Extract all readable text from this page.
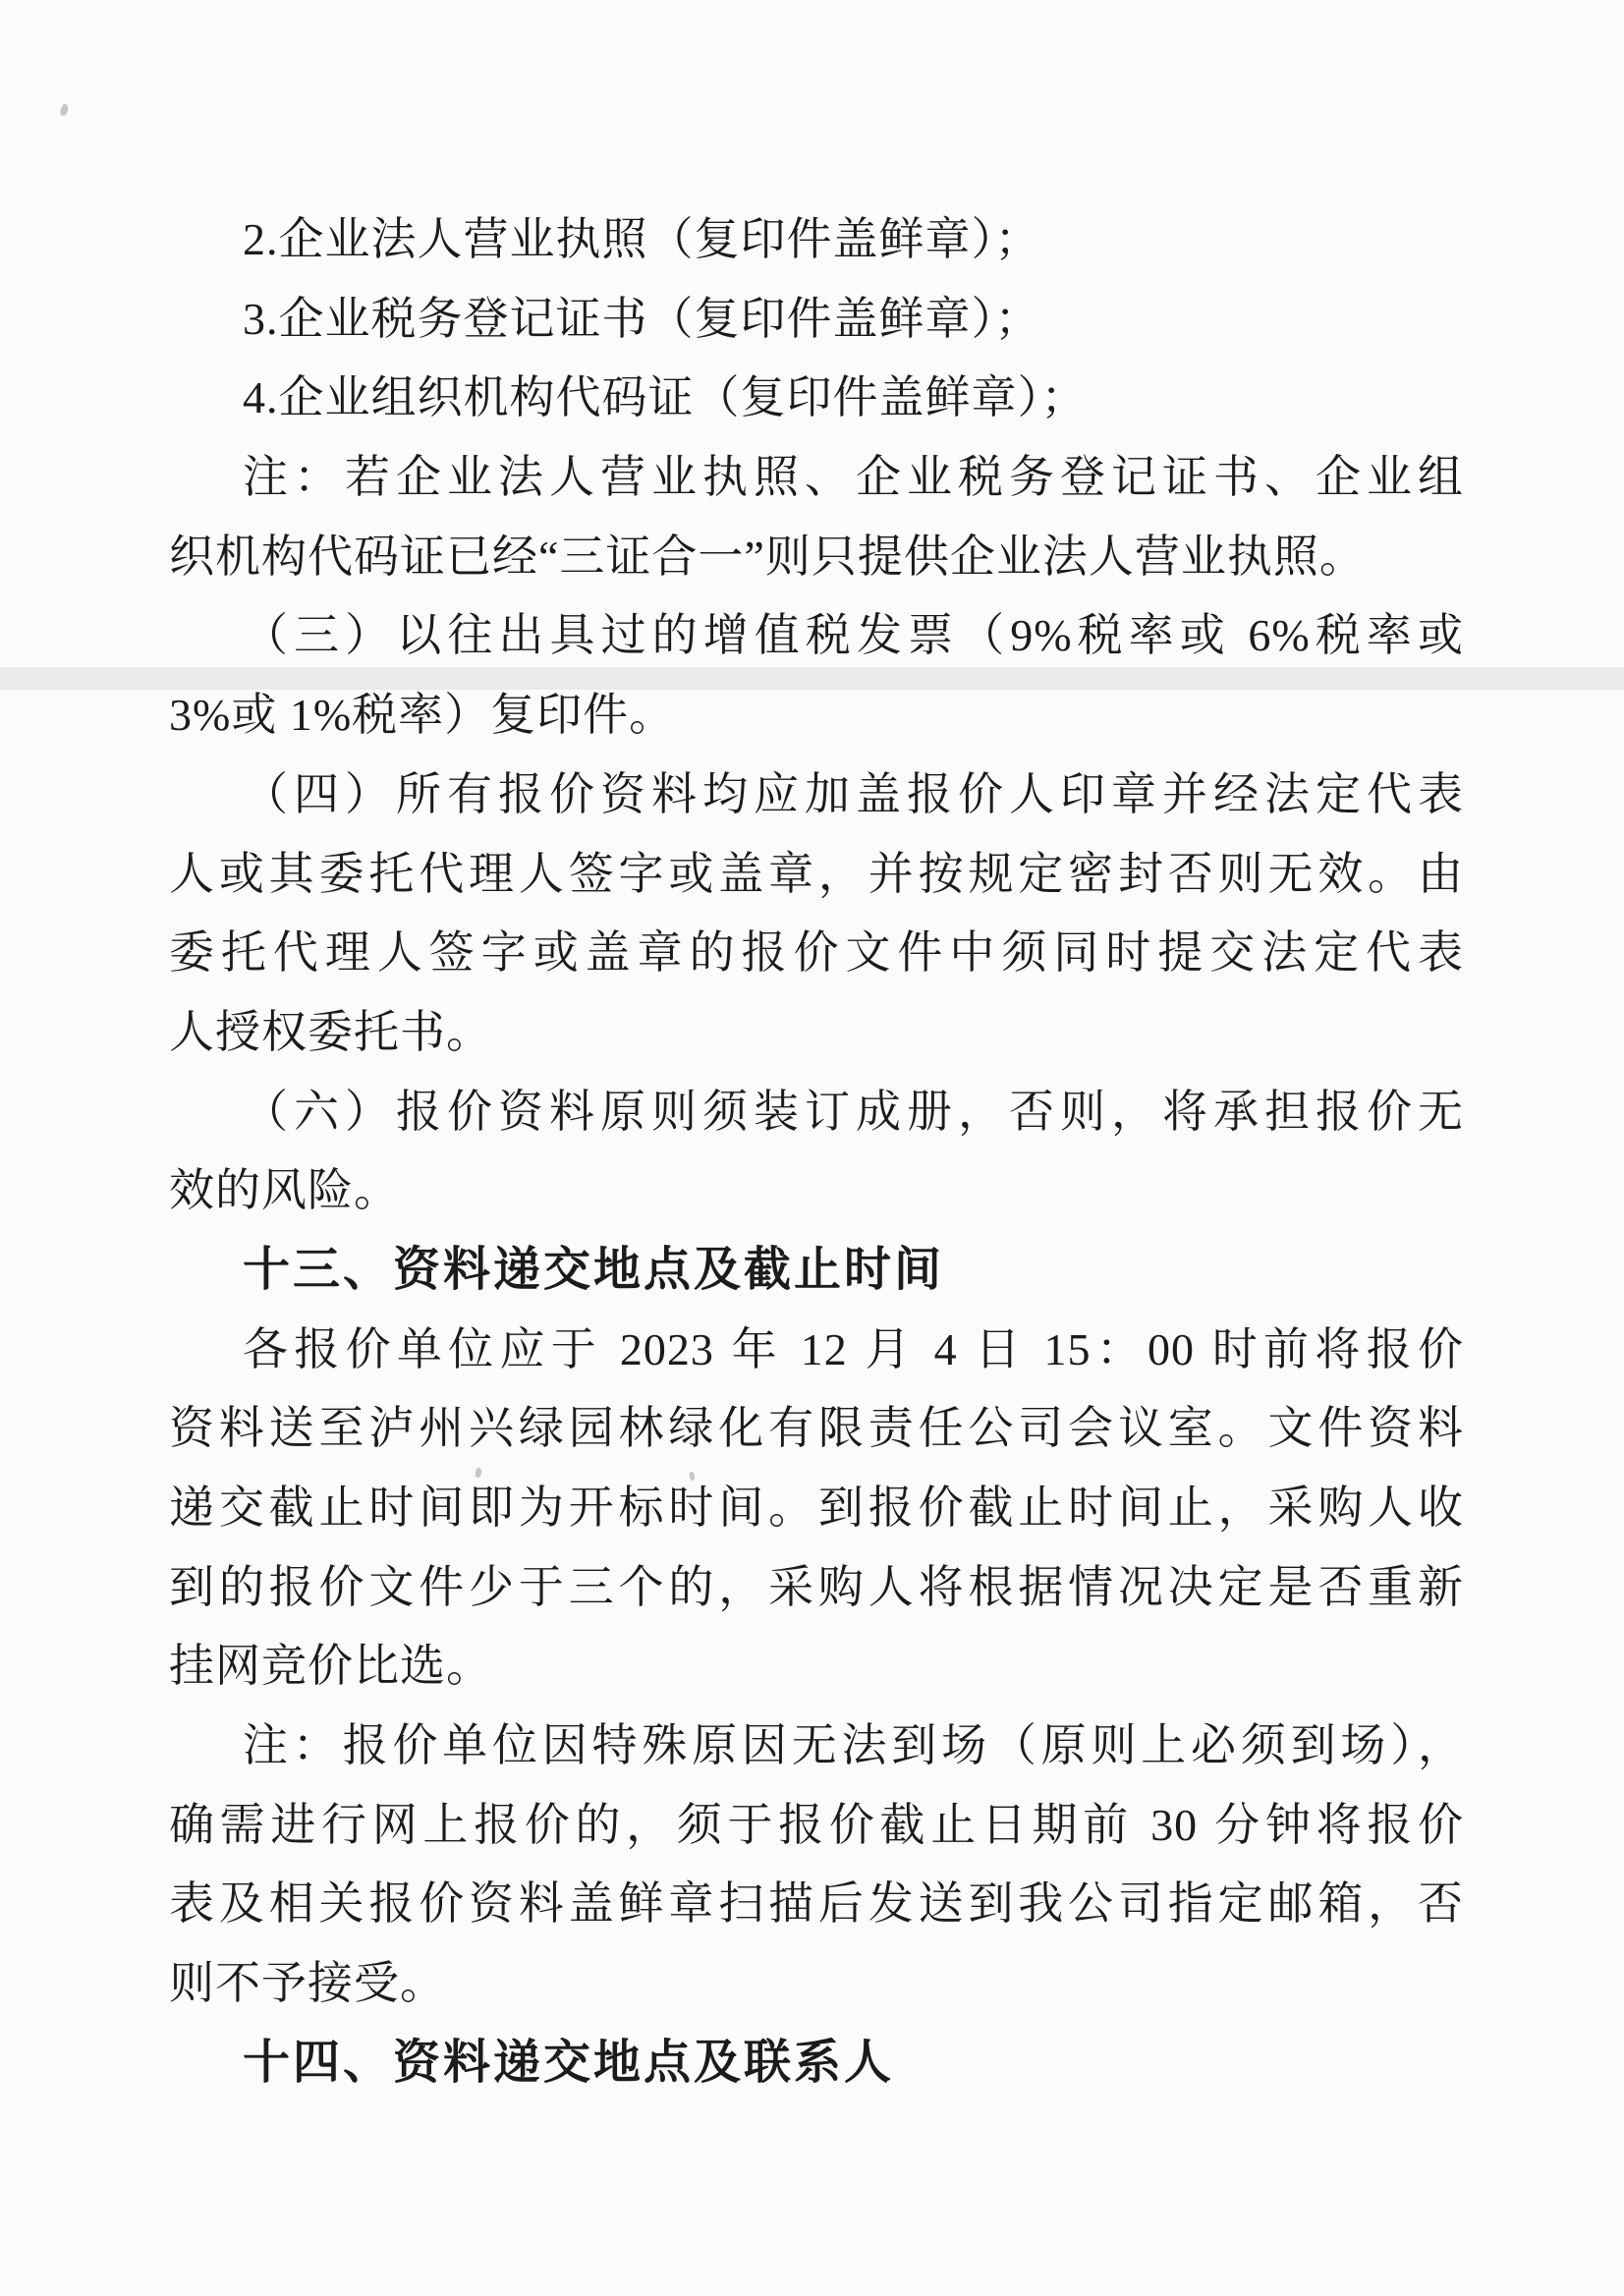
2.企业法人营业执照（复印件盖鲜章）；
3.企业税务登记证书（复印件盖鲜章）；
4.企业组织机构代码证（复印件盖鲜章）；
注：若企业法人营业执照、企业税务登记证书、企业组
织机构代码证已经“三证合一”则只提供企业法人营业执照。
（三）以往出具过的增值税发票（9%税率或 6%税率或
3%或 1%税率）复印件。
（四）所有报价资料均应加盖报价人印章并经法定代表
人或其委托代理人签字或盖章，并按规定密封否则无效。由
委托代理人签字或盖章的报价文件中须同时提交法定代表
人授权委托书。
（六）报价资料原则须装订成册，否则，将承担报价无
效的风险。
十三、资料递交地点及截止时间
各报价单位应于 2023 年 12 月 4 日 15：00 时前将报价
资料送至泸州兴绿园林绿化有限责任公司会议室。文件资料
递交截止时间即为开标时间。到报价截止时间止，采购人收
到的报价文件少于三个的，采购人将根据情况决定是否重新
挂网竞价比选。
注：报价单位因特殊原因无法到场（原则上必须到场），
确需进行网上报价的，须于报价截止日期前 30 分钟将报价
表及相关报价资料盖鲜章扫描后发送到我公司指定邮箱，否
则不予接受。
十四、资料递交地点及联系人
